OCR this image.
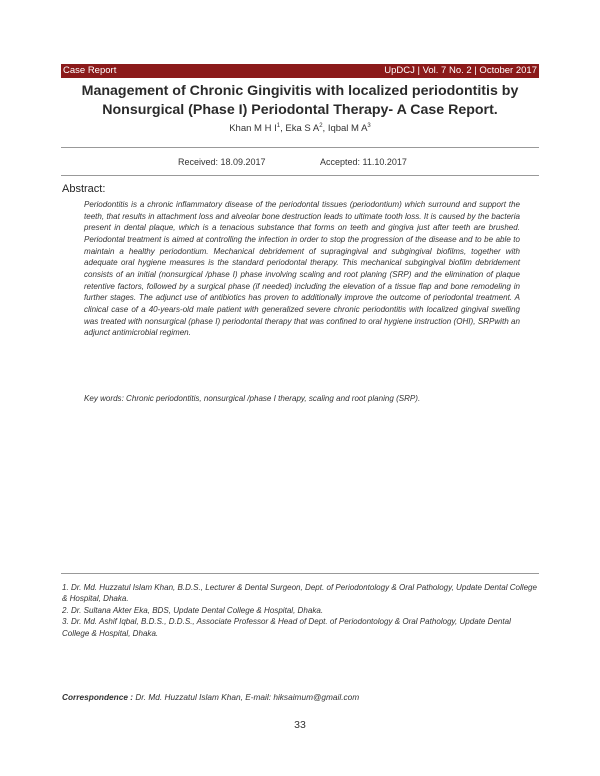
Case Report	UpDCJ | Vol. 7 No. 2 | October 2017
Management of Chronic Gingivitis with localized periodontitis by Nonsurgical (Phase I) Periodontal Therapy- A Case Report.
Khan M H $I^1$, Eka S $A^2$, Iqbal M $A^3$
Received: 18.09.2017	Accepted: 11.10.2017
Abstract:

Periodontitis is a chronic inflammatory disease of the periodontal tissues (periodontium) which surround and support the teeth, that results in attachment loss and alveolar bone destruction leads to ultimate tooth loss. It is caused by the bacteria present in dental plaque, which is a tenacious substance that forms on teeth and gingiva just after teeth are brushed. Periodontal treatment is aimed at controlling the infection in order to stop the progression of the disease and to be able to maintain a healthy periodontium. Mechanical debridement of supragingival and subgingival biofilms, together with adequate oral hygiene measures is the standard periodontal therapy. This mechanical subgingival biofilm debridement consists of an initial (nonsurgical /phase I) phase involving scaling and root planing (SRP) and the elimination of plaque retentive factors, followed by a surgical phase (if needed) including the elevation of a tissue flap and bone remodeling in further stages. The adjunct use of antibiotics has proven to additionally improve the outcome of periodontal treatment. A clinical case of a 40-years-old male patient with generalized severe chronic periodontitis with localized gingival swelling was treated with nonsurgical (phase I) periodontal therapy that was confined to oral hygiene instruction (OHI), SRPwith an adjunct antimicrobial regimen.

Key words: Chronic periodontitis, nonsurgical /phase I therapy, scaling and root planing (SRP).

1. Dr. Md. Huzzatul Islam Khan, B.D.S., Lecturer & Dental Surgeon, Dept. of Periodontology & Oral Pathology, Update Dental College & Hospital, Dhaka.

2. Dr. Sultana Akter Eka, BDS, Update Dental College & Hospital, Dhaka.

3. Dr. Md. Ashif Iqbal, B.D.S., D.D.S., Associate Professor & Head of Dept. of Periodontology & Oral Pathology, Update Dental College & Hospital, Dhaka.

Correspondence : Dr. Md. Huzzatul Islam Khan, E-mail: hiksaimum@gmail.com
33
